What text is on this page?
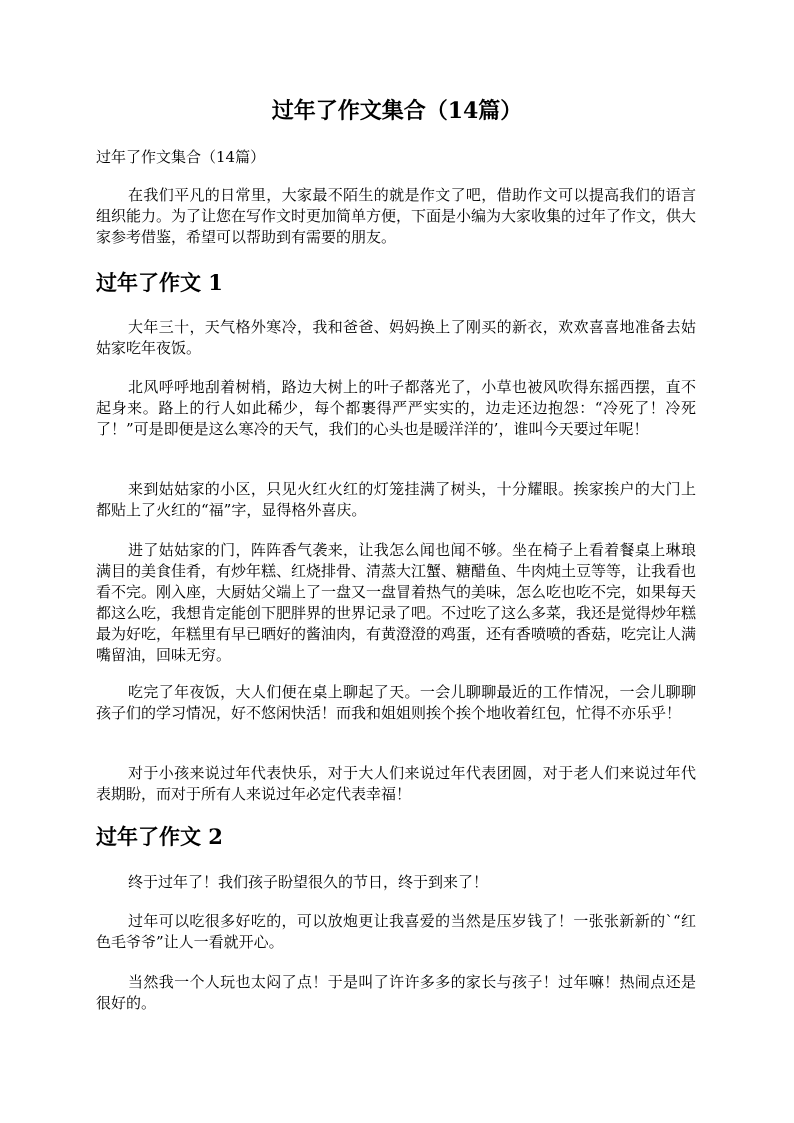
过年了作文集合（14篇）

过年了作文集合（14篇）

在我们平凡的日常里，大家最不陌生的就是作文了吧，借助作文可以提高我们的语言组织能力。为了让您在写作文时更加简单方便，下面是小编为大家收集的过年了作文，供大家参考借鉴，希望可以帮助到有需要的朋友。

过年了作文 1

大年三十，天气格外寒冷，我和爸爸、妈妈换上了刚买的新衣，欢欢喜喜地准备去姑姑家吃年夜饭。

北风呼呼地刮着树梢，路边大树上的叶子都落光了，小草也被风吹得东摇西摆，直不起身来。路上的行人如此稀少，每个都裹得严严实实的，边走还边抱怨：“冷死了！冷死了！”可是即便是这么寒冷的天气，我们的心头也是暖洋洋的’，谁叫今天要过年呢！

来到姑姑家的小区，只见火红火红的灯笼挂满了树头，十分耀眼。挨家挨户的大门上都贴上了火红的“福”字，显得格外喜庆。

进了姑姑家的门，阵阵香气袭来，让我怎么闻也闻不够。坐在椅子上看着餐桌上琳琅满目的美食佳肴，有炒年糕、红烧排骨、清蒸大江蟹、糖醋鱼、牛肉炖土豆等等，让我看也看不完。刚入座，大厨姑父端上了一盘又一盘冒着热气的美味，怎么吃也吃不完，如果每天都这么吃，我想肯定能创下肥胖界的世界记录了吧。不过吃了这么多菜，我还是觉得炒年糕最为好吃，年糕里有早已晒好的酱油肉，有黄澄澄的鸡蛋，还有香喷喷的香菇，吃完让人满嘴留油，回味无穷。

吃完了年夜饭，大人们便在桌上聊起了天。一会儿聊聊最近的工作情况，一会儿聊聊孩子们的学习情况，好不悠闲快活！而我和姐姐则挨个挨个地收着红包，忙得不亦乐乎！

对于小孩来说过年代表快乐，对于大人们来说过年代表团圆，对于老人们来说过年代表期盼，而对于所有人来说过年必定代表幸福！

过年了作文 2

终于过年了！我们孩子盼望很久的节日，终于到来了！

过年可以吃很多好吃的，可以放炮更让我喜爱的当然是压岁钱了！一张张新新的`“红色毛爷爷”让人一看就开心。

当然我一个人玩也太闷了点！于是叫了许许多多的家长与孩子！过年嘛！热闹点还是很好的。
